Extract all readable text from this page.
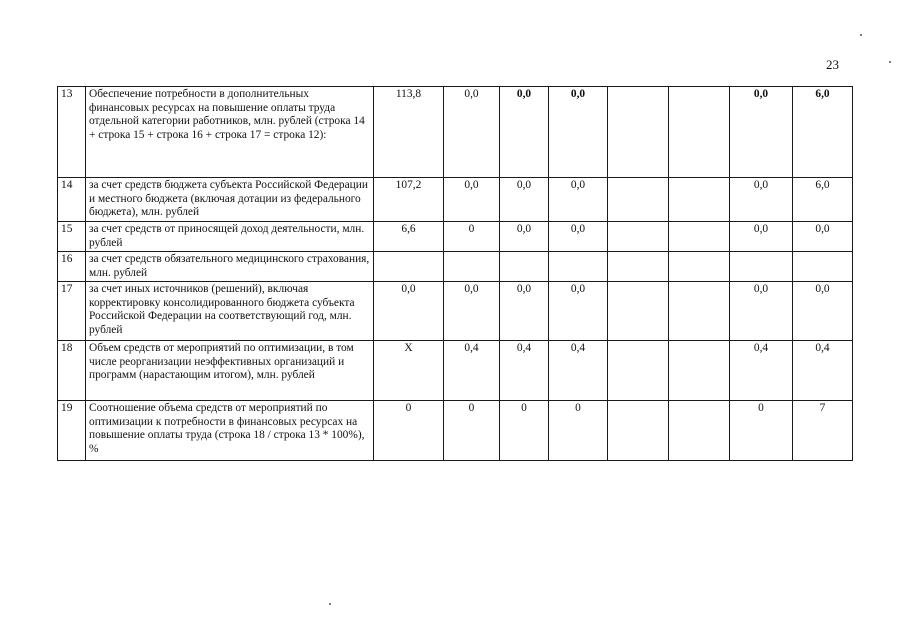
23
13	Обеспечение потребности в дополнительных финансовых ресурсах на повышение оплаты труда отдельной категории работников, млн. рублей (строка 14 + строка 15 + строка 16 + строка 17 = строка 12):	113,8	0,0	0,0	0,0			0,0	6,0
14	за счет средств бюджета субъекта Российской Федерации и местного бюджета (включая дотации из федерального бюджета), млн. рублей	107,2	0,0	0,0	0,0			0,0	6,0
15	за счет средств от приносящей доход деятельности, млн. рублей	6,6	0	0,0	0,0			0,0	0,0
16	за счет средств обязательного медицинского страхования, млн. рублей								
17	за счет иных источников (решений), включая корректировку консолидированного бюджета субъекта Российской Федерации на соответствующий год, млн. рублей	0,0	0,0	0,0	0,0			0,0	0,0
18	Объем средств от мероприятий по оптимизации, в том числе реорганизации неэффективных организаций и программ (нарастающим итогом), млн. рублей	Х	0,4	0,4	0,4			0,4	0,4
19	Соотношение объема средств от мероприятий по оптимизации к потребности в финансовых ресурсах на повышение оплаты труда (строка 18 / строка 13 * 100%), %	0	0	0	0			0	7
